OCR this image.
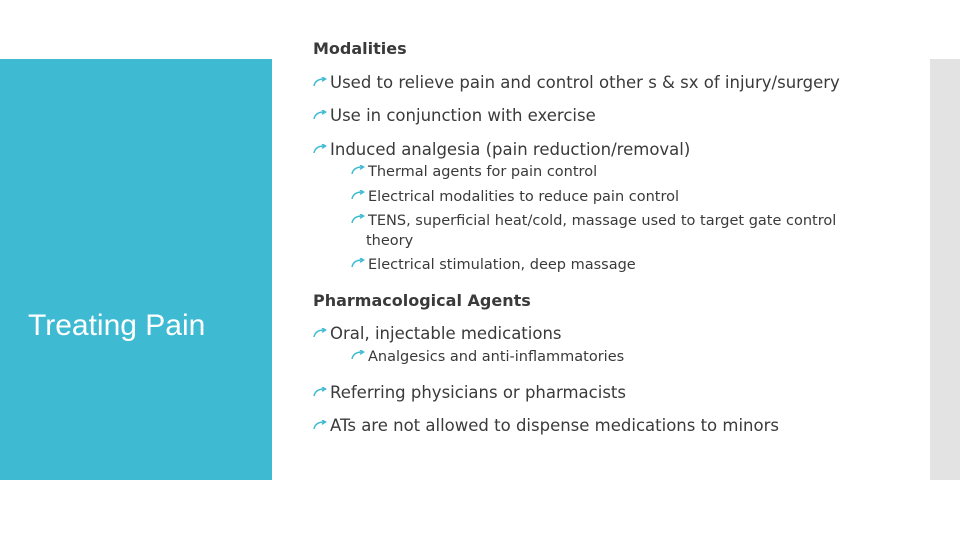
Treating Pain
Modalities
Used to relieve pain and control other s & sx of injury/surgery
Use in conjunction with exercise
Induced analgesia (pain reduction/removal)
Thermal agents for pain control
Electrical modalities to reduce pain control
TENS, superficial heat/cold, massage used to target gate control
theory
Electrical stimulation, deep massage
Pharmacological Agents
Oral, injectable medications
Analgesics and anti-inflammatories
Referring physicians or pharmacists
ATs are not allowed to dispense medications to minors
